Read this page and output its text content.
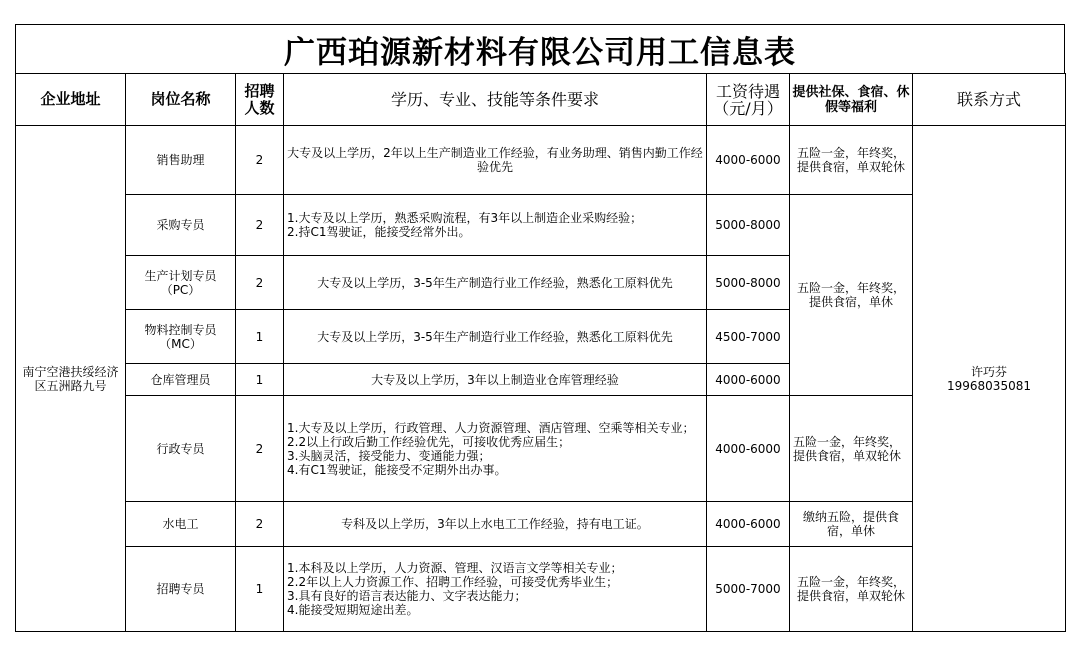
广西珀源新材料有限公司用工信息表
企业地址	岗位名称	招聘人数	学历、专业、技能等条件要求	工资待遇（元/月）	提供社保、食宿、休假等福利	联系方式
南宁空港扶绥经济区五洲路九号	销售助理	2	大专及以上学历，2年以上生产制造业工作经验，有业务助理、销售内勤工作经验优先	4000-6000	五险一金，年终奖，提供食宿，单双轮休	许巧芬
19968035081

	采购专员	2	1.大专及以上学历，熟悉采购流程，有3年以上制造企业采购经验；
2.持C1驾驶证，能接受经常外出。	5000-8000	五险一金，年终奖，提供食宿，单休	
	生产计划专员（PC）	2	大专及以上学历，3-5年生产制造行业工作经验，熟悉化工原料优先	5000-8000		
	物料控制专员（MC）	1	大专及以上学历，3-5年生产制造行业工作经验，熟悉化工原料优先	4500-7000		
	仓库管理员	1	大专及以上学历，3年以上制造业仓库管理经验	4000-6000		
	行政专员	2	1.大专及以上学历，行政管理、人力资源管理、酒店管理、空乘等相关专业；
2.2以上行政后勤工作经验优先，可接收优秀应届生；
3.头脑灵活，接受能力、变通能力强；
4.有C1驾驶证，能接受不定期外出办事。	4000-6000	五险一金，年终奖，提供食宿，单双轮休	
	水电工	2	专科及以上学历，3年以上水电工工作经验，持有电工证。	4000-6000	缴纳五险，提供食宿，单休	
	招聘专员	1	1.本科及以上学历，人力资源、管理、汉语言文学等相关专业；
2.2年以上人力资源工作、招聘工作经验，可接受优秀毕业生；
3.具有良好的语言表达能力、文字表达能力；
4.能接受短期短途出差。	5000-7000	五险一金，年终奖，提供食宿，单双轮休	
